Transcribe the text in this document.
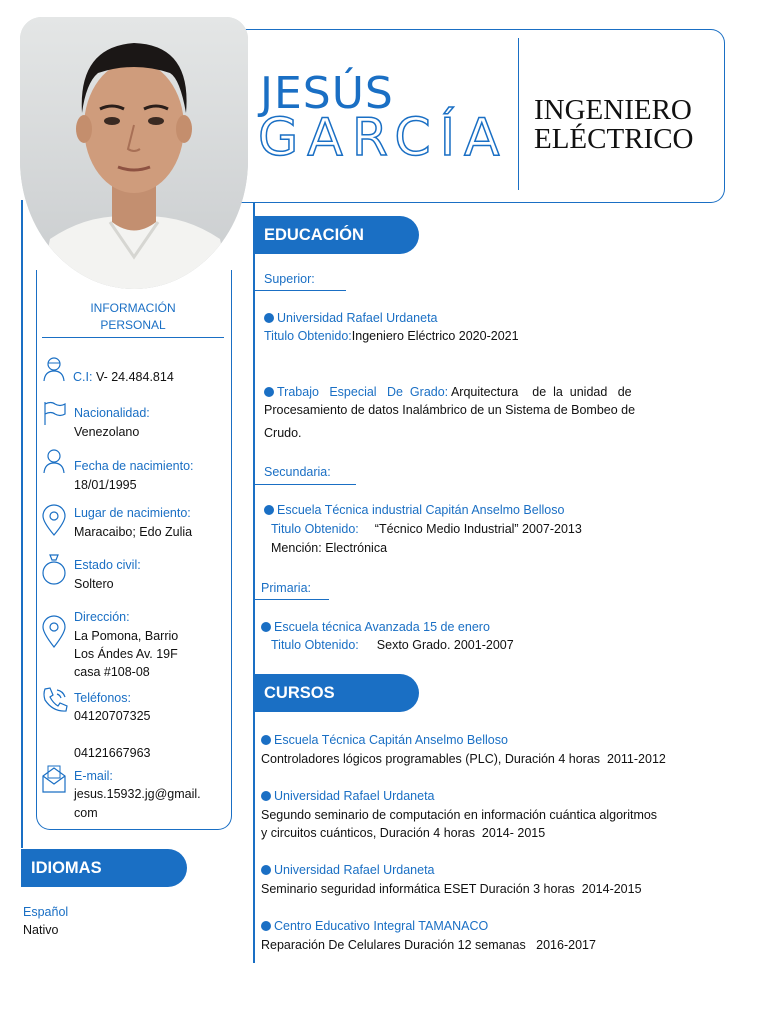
JESÚS
GARCÍA INGENIERO
ELÉCTRICO
INFORMACIÓN
PERSONAL
C.I: V- 24.484.814
Nacionalidad:
Venezolano
Fecha de nacimiento:
18/01/1995
Lugar de nacimiento:
Maracaibo; Edo Zulia
Estado civil:
Soltero
Dirección:
La Pomona, Barrio
Los Ándes Av. 19F
casa #108-08
Teléfonos:
04120707325
04121667963
E-mail:
jesus.15932.jg@gmail.
com
IDIOMAS
Español
Nativo
EDUCACIÓN
Superior:
Universidad Rafael Urdaneta
Titulo Obtenido:Ingeniero Eléctrico 2020-2021
Trabajo   Especial   De  Grado: Arquitectura    de  la  unidad   de
Procesamiento de datos Inalámbrico de un Sistema de Bombeo de
Crudo.
Secundaria:
Escuela Técnica industrial Capitán Anselmo Belloso
Titulo Obtenido: “Técnico Medio Industrial” 2007-2013
Mención: Electrónica
Primaria:
Escuela técnica Avanzada 15 de enero
Titulo Obtenido: Sexto Grado. 2001-2007
CURSOS
Escuela Técnica Capitán Anselmo Belloso
Controladores lógicos programables (PLC), Duración 4 horas  2011-2012
Universidad Rafael Urdaneta
Segundo seminario de computación en información cuántica algoritmos
y circuitos cuánticos, Duración 4 horas  2014- 2015
Universidad Rafael Urdaneta
Seminario seguridad informática ESET Duración 3 horas  2014-2015
Centro Educativo Integral TAMANACO
Reparación De Celulares Duración 12 semanas   2016-2017
